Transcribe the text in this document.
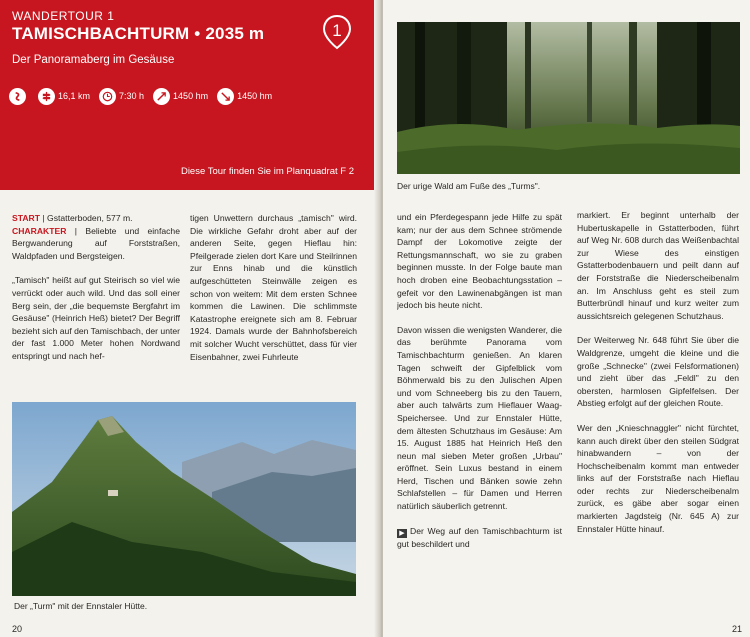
WANDERTOUR 1
TAMISCHBACHTURM • 2035 m
Der Panoramaberg im Gesäuse
1
16,1 km	7:30 h	1450 hm	1450 hm
Diese Tour finden Sie im Planquadrat F 2

START | Gstatterboden, 577 m.
CHARAKTER | Beliebte und einfache Bergwanderung auf Forststraßen, Waldpfaden und Bergsteigen.

„Tamisch" heißt auf gut Steirisch so viel wie verrückt oder auch wild. Und das soll einer Berg sein, der „die bequemste Bergfahrt im Gesäuse" (Heinrich Heß) bietet? Der Begriff bezieht sich auf den Tamischbach, der unter der fast 1.000 Meter hohen Nordwand entspringt und nach hef-

tigen Unwettern durchaus „tamisch" wird. Die wirkliche Gefahr droht aber auf der anderen Seite, gegen Hieflau hin: Pfeilgerade zielen dort Kare und Steilrinnen zur Enns hinab und die künstlich aufgeschütteten Steinwälle zeigen es schon von weitem: Mit dem ersten Schnee kommen die Lawinen. Die schlimmste Katastrophe ereignete sich am 8. Februar 1924. Damals wurde der Bahnhofsbereich mit solcher Wucht verschüttet, dass für vier Eisenbahner, zwei Fuhrleute

Der „Turm" mit der Ennstaler Hütte.
20
Der urige Wald am Fuße des „Turms".

und ein Pferdegespann jede Hilfe zu spät kam; nur der aus dem Schnee strömende Dampf der Lokomotive zeigte der Rettungsmannschaft, wo sie zu graben beginnen musste. In der Folge baute man hoch droben eine Beobachtungsstation – gefeit vor den Lawinenabgängen ist man jedoch bis heute nicht.

Davon wissen die wenigsten Wanderer, die das berühmte Panorama vom Tamischbachturm genießen. An klaren Tagen schweift der Gipfelblick vom Böhmerwald bis zu den Julischen Alpen und vom Schneeberg bis zu den Tauern, aber auch talwärts zum Hieflauer Waag-Speichersee. Und zur Ennstaler Hütte, dem ältesten Schutzhaus im Gesäuse: Am 15. August 1885 hat Heinrich Heß den neun mal sieben Meter großen „Urbau" eröffnet. Sein Luxus bestand in einem Herd, Tischen und Bänken sowie zehn Schlafstellen – für Damen und Herren natürlich säuberlich getrennt.

▶ Der Weg auf den Tamischbachturm ist gut beschildert und

markiert. Er beginnt unterhalb der Hubertuskapelle in Gstatterboden, führt auf Weg Nr. 608 durch das Weißenbachtal zur Wiese des einstigen Gstatterbodenbauern und peilt dann auf der Forststraße die Niederscheibenalm an. Im Anschluss geht es steil zum Butterbründl hinauf und kurz weiter zum aussichtsreich gelegenen Schutzhaus.

Der Weiterweg Nr. 648 führt Sie über die Waldgrenze, umgeht die kleine und die große „Schnecke" (zwei Felsformationen) und zieht über das „Feldl" zu den obersten, harmlosen Gipfelfelsen. Der Abstieg erfolgt auf der gleichen Route.

Wer den „Knieschnaggler" nicht fürchtet, kann auch direkt über den steilen Südgrat hinabwandern – von der Hochscheibenalm kommt man entweder links auf der Forststraße nach Hieflau oder rechts zur Niederscheibenalm zurück, es gäbe aber sogar einen markierten Jagdsteig (Nr. 645 A) zur Ennstaler Hütte hinauf.

21
